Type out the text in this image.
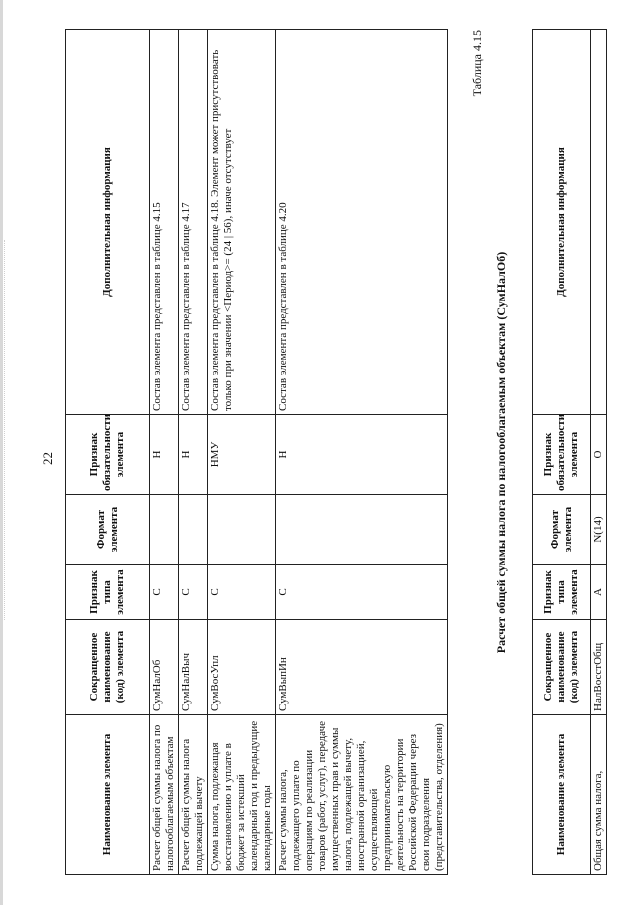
22
Наименование элемента	Сокращенное наименование (код) элемента	Признак типа элемента	Формат элемента	Признак обязательности элемента	Дополнительная информация
Расчет общей суммы налога по налогооблагаемым объектам	СумНалОб	С		Н	Состав элемента представлен в таблице 4.15
Расчет общей суммы налога подлежащей вычету	СумНалВыч	С		Н	Состав элемента представлен в таблице 4.17
Сумма налога, подлежащая восстановлению и уплате в бюджет за истекший календарный год и предыдущие календарные годы	СумВосУпл	С		НМУ	Состав элемента представлен в таблице 4.18. Элемент может присутствовать только при значении <Период>= (24 | 56), иначе отсутствует
Расчет суммы налога, подлежащего уплате по операциям по реализации товаров (работ, услуг), передаче имущественных прав и суммы налога, подлежащей вычету, иностранной организацией, осуществляющей предпринимательскую деятельность на территории Российской Федерации через свои подразделения (представительства, отделения)	СумВыпИн	С		Н	Состав элемента представлен в таблице 4.20
Таблица 4.15
Расчет общей суммы налога по налогооблагаемым объектам (СумНалОб)
Наименование элемента	Сокращенное наименование (код) элемента	Признак типа элемента	Формат элемента	Признак обязательности элемента	Дополнительная информация
Общая сумма налога,	НалВосстОбщ	А	N(14)	О	
